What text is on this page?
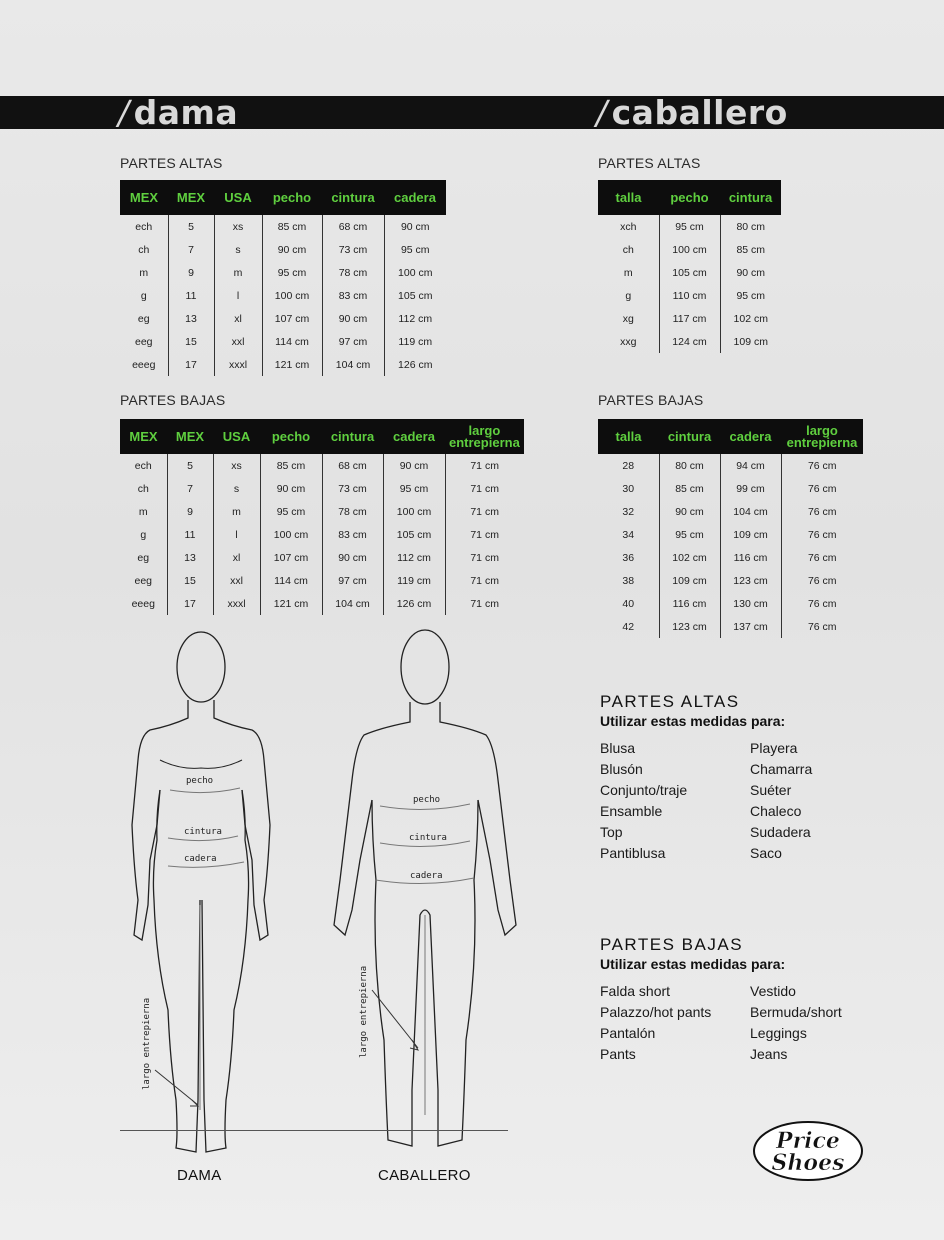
/ dama	/ caballero
PARTES ALTAS	PARTES ALTAS
PARTES BAJAS	PARTES BAJAS
MEX	MEX	USA	pecho	cintura	cadera
ech	5	xs	85 cm	68 cm	90 cm
ch	7	s	90 cm	73 cm	95 cm
m	9	m	95 cm	78 cm	100 cm
g	11	l	100 cm	83 cm	105 cm
eg	13	xl	107 cm	90 cm	112 cm
eeg	15	xxl	114 cm	97 cm	119 cm
eeeg	17	xxxl	121 cm	104 cm	126 cm
talla	pecho	cintura
xch	95 cm	80 cm
ch	100 cm	85 cm
m	105 cm	90 cm
g	110 cm	95 cm
xg	117 cm	102 cm
xxg	124 cm	109 cm
MEX	MEX	USA	pecho	cintura	cadera	largo entrepierna
ech	5	xs	85 cm	68 cm	90 cm	71 cm
ch	7	s	90 cm	73 cm	95 cm	71 cm
m	9	m	95 cm	78 cm	100 cm	71 cm
g	11	l	100 cm	83 cm	105 cm	71 cm
eg	13	xl	107 cm	90 cm	112 cm	71 cm
eeg	15	xxl	114 cm	97 cm	119 cm	71 cm
eeeg	17	xxxl	121 cm	104 cm	126 cm	71 cm
talla	cintura	cadera	largo entrepierna
28	80 cm	94 cm	76 cm
30	85 cm	99 cm	76 cm
32	90 cm	104 cm	76 cm
34	95 cm	109 cm	76 cm
36	102 cm	116 cm	76 cm
38	109 cm	123 cm	76 cm
40	116 cm	130 cm	76 cm
42	123 cm	137 cm	76 cm
pecho
cintura
cadera
pecho
cintura
cadera
largo entrepierna	largo entrepierna
DAMA	CABALLERO
PARTES ALTAS
Utilizar estas medidas para:
Blusa
Blusón
Conjunto/traje
Ensamble
Top
Pantiblusa
Playera
Chamarra
Suéter
Chaleco
Sudadera
Saco
PARTES BAJAS
Utilizar estas medidas para:
Falda short
Palazzo/hot pants
Pantalón
Pants
Vestido
Bermuda/short
Leggings
Jeans
Price
Shoes
